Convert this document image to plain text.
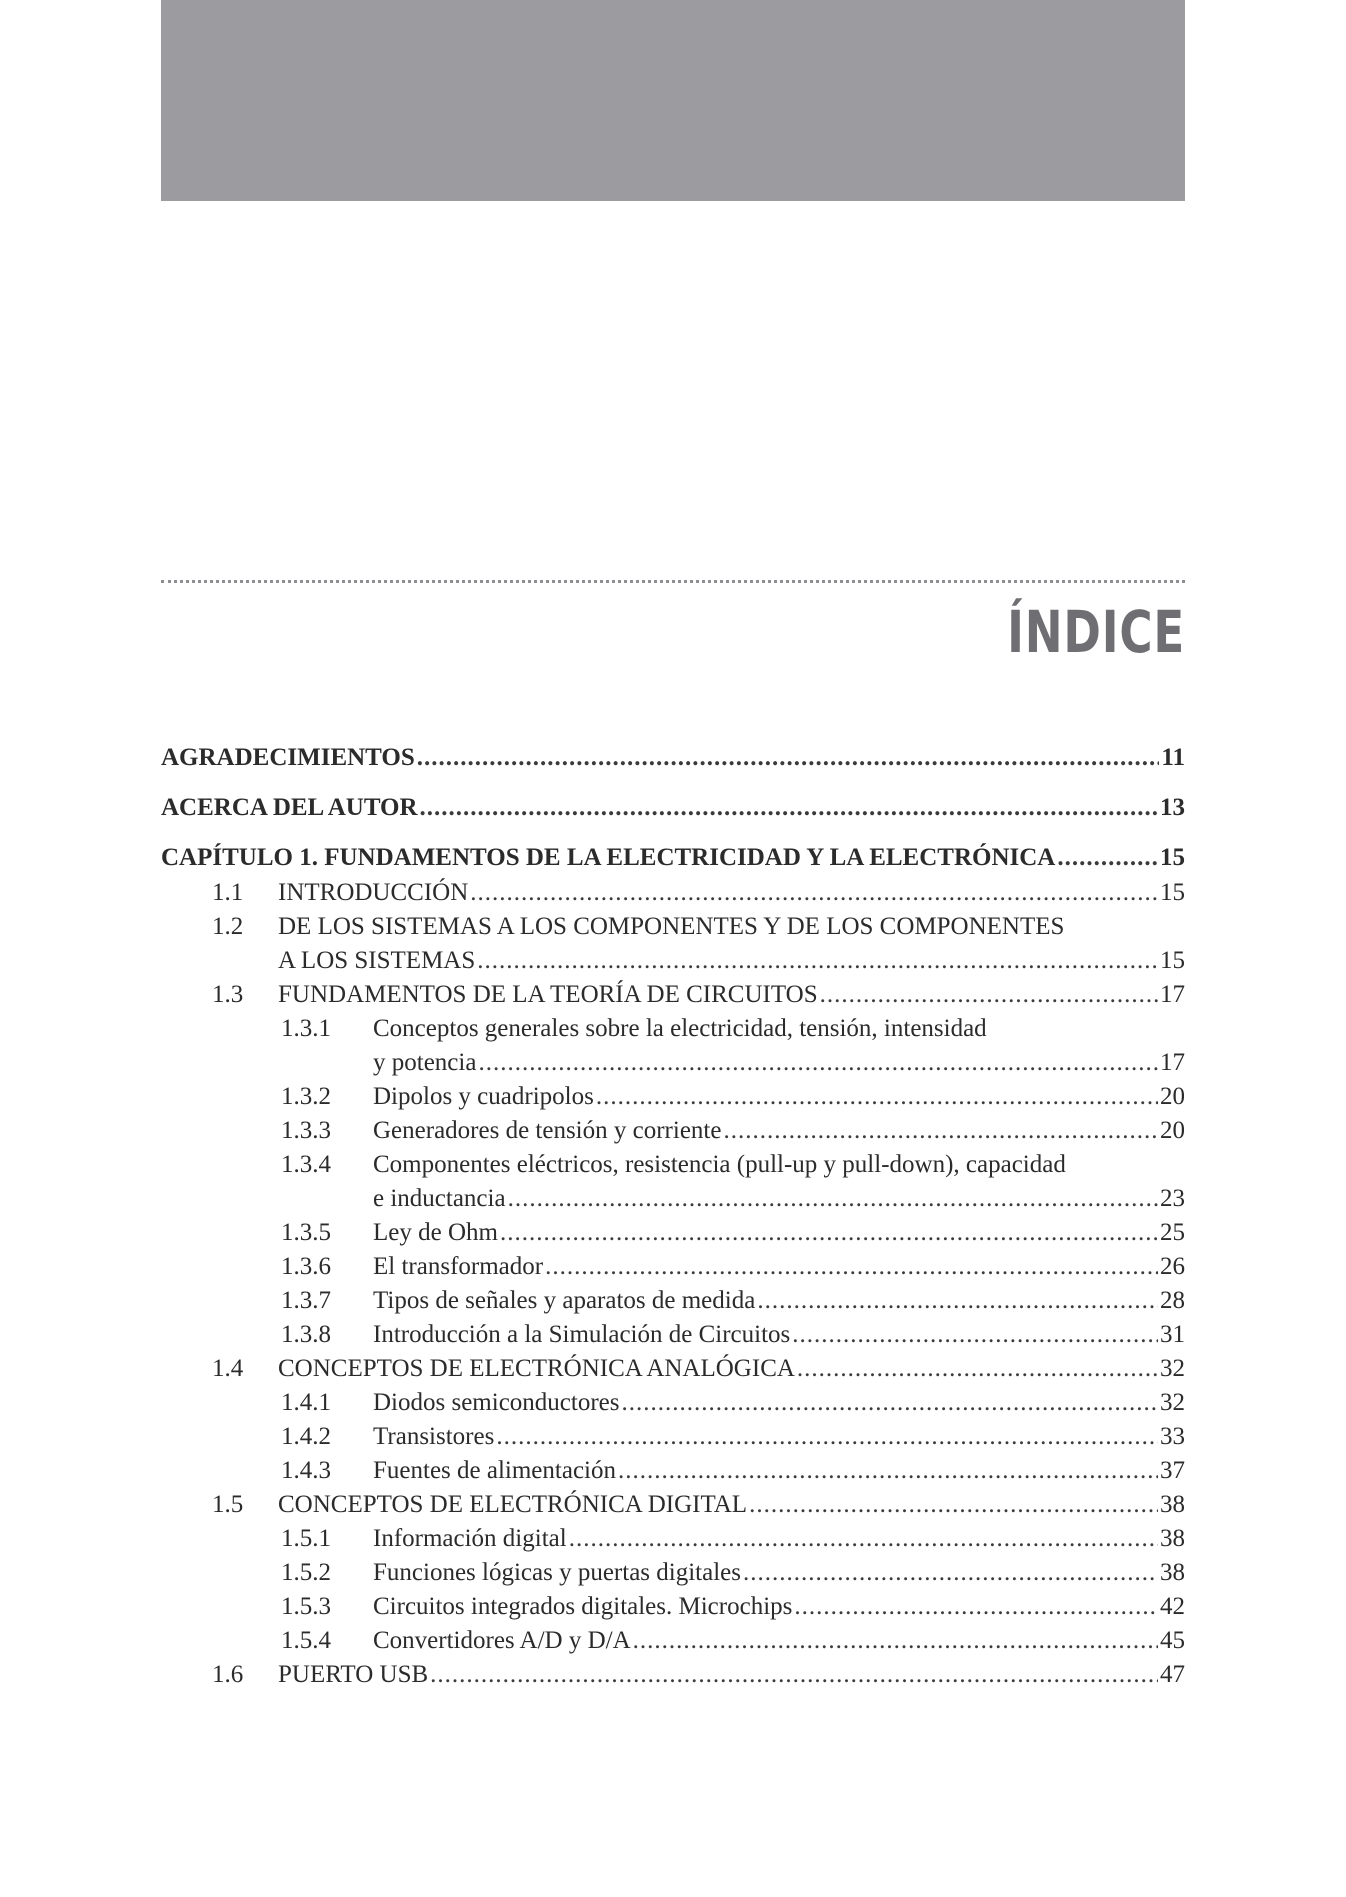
ÍNDICE
AGRADECIMIENTOS .....	11
ACERCA DEL AUTOR .....	13
CAPÍTULO 1. FUNDAMENTOS DE LA ELECTRICIDAD Y LA ELECTRÓNICA .....	15
1.1	INTRODUCCIÓN .....	15
1.2	DE LOS SISTEMAS A LOS COMPONENTES Y DE LOS COMPONENTES
A LOS SISTEMAS .....	15
1.3	FUNDAMENTOS DE LA TEORÍA DE CIRCUITOS .....	17
1.3.1	Conceptos generales sobre la electricidad, tensión, intensidad
y potencia .....	17
1.3.2	Dipolos y cuadripolos .....	20
1.3.3	Generadores de tensión y corriente .....	20
1.3.4	Componentes eléctricos, resistencia (pull-up y pull-down), capacidad
e inductancia .....	23
1.3.5	Ley de Ohm .....	25
1.3.6	El transformador .....	26
1.3.7	Tipos de señales y aparatos de medida .....	28
1.3.8	Introducción a la Simulación de Circuitos .....	31
1.4	CONCEPTOS DE ELECTRÓNICA ANALÓGICA .....	32
1.4.1	Diodos semiconductores .....	32
1.4.2	Transistores .....	33
1.4.3	Fuentes de alimentación .....	37
1.5	CONCEPTOS DE ELECTRÓNICA DIGITAL .....	38
1.5.1	Información digital .....	38
1.5.2	Funciones lógicas y puertas digitales .....	38
1.5.3	Circuitos integrados digitales. Microchips .....	42
1.5.4	Convertidores A/D y D/A .....	45
1.6	PUERTO USB .....	47
